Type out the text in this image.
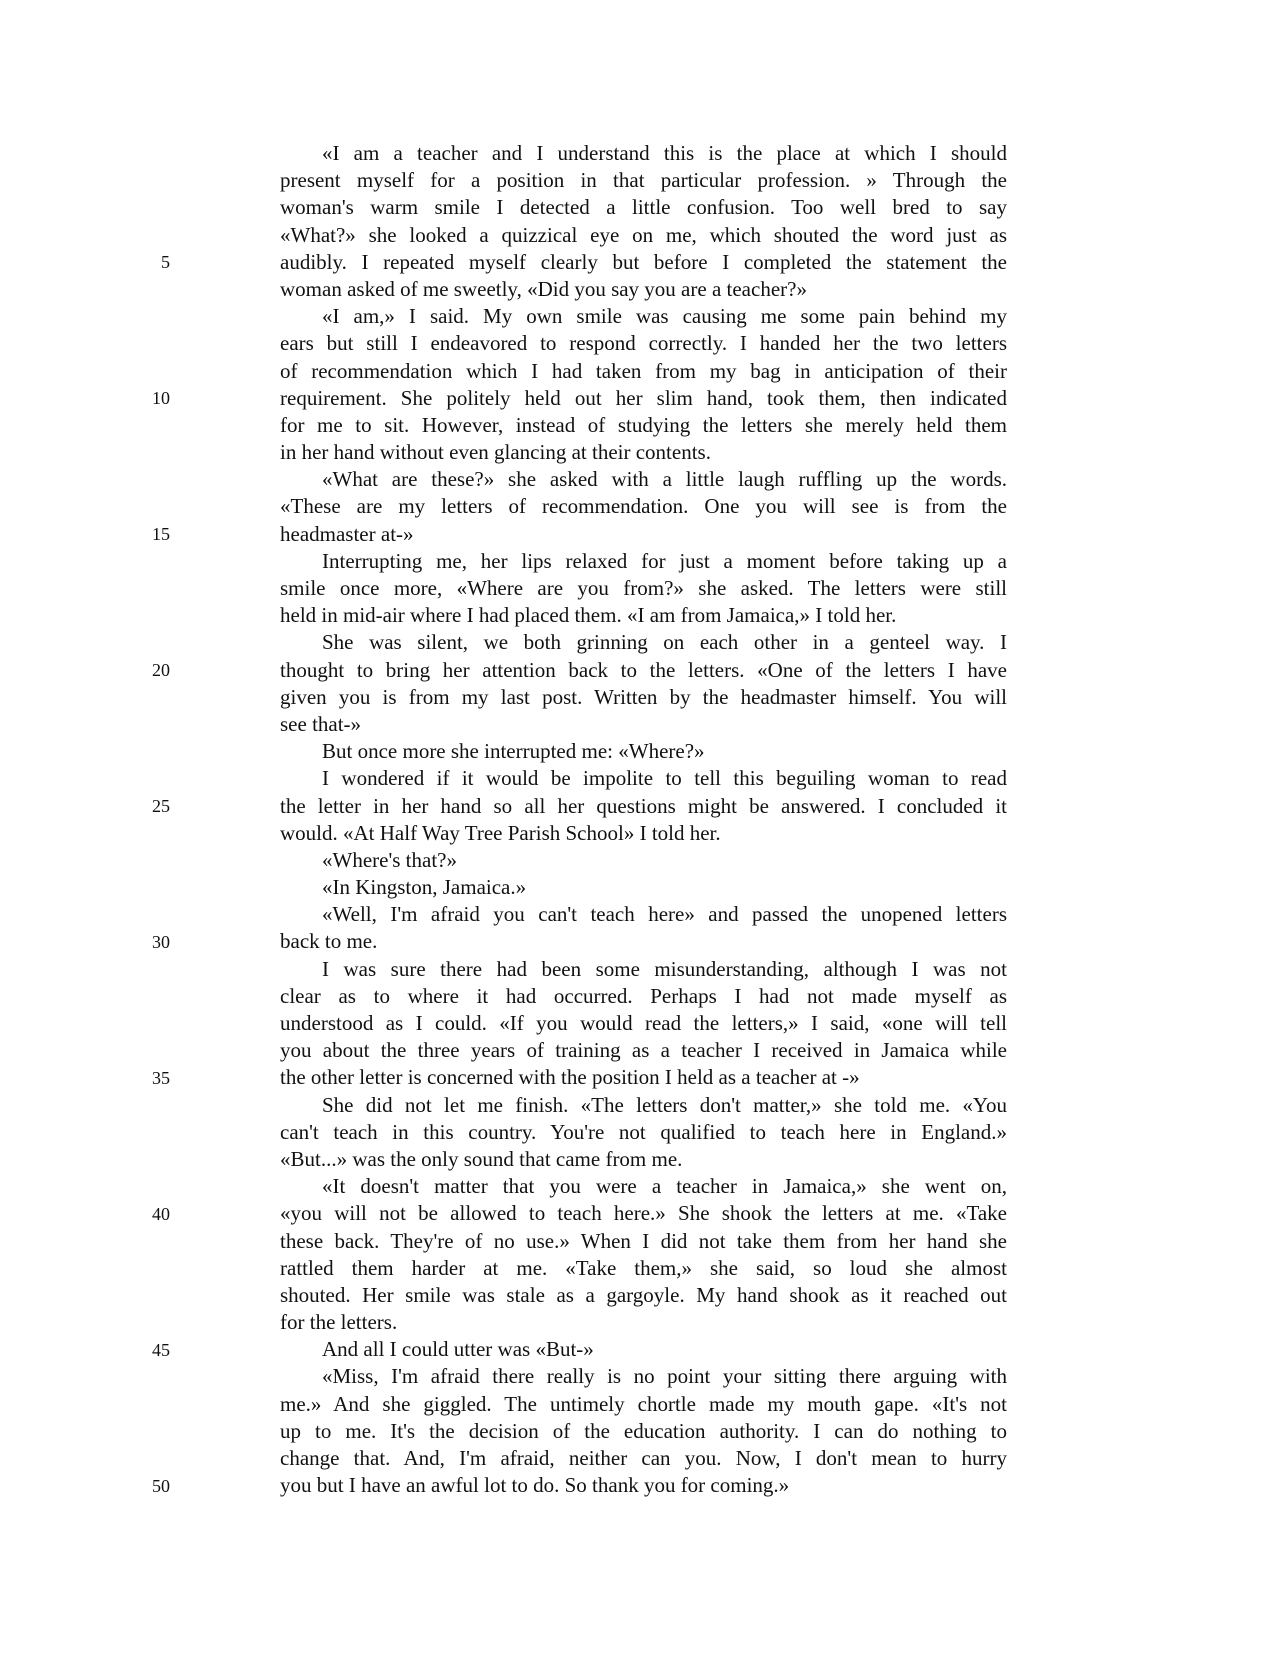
5
10
15
20
25
30
35
40
45
50
«I am a teacher and I understand this is the place at which I should
present myself for a position in that particular profession. » Through the
woman's warm smile I detected a little confusion. Too well bred to say
«What?» she looked a quizzical eye on me, which shouted the word just as
audibly. I repeated myself clearly but before I completed the statement the
woman asked of me sweetly, «Did you say you are a teacher?»
«I am,» I said. My own smile was causing me some pain behind my
ears but still I endeavored to respond correctly. I handed her the two letters
of recommendation which I had taken from my bag in anticipation of their
requirement. She politely held out her slim hand, took them, then indicated
for me to sit. However, instead of studying the letters she merely held them
in her hand without even glancing at their contents.
«What are these?» she asked with a little laugh ruffling up the words.
«These are my letters of recommendation. One you will see is from the
headmaster at-»
Interrupting me, her lips relaxed for just a moment before taking up a
smile once more, «Where are you from?» she asked. The letters were still
held in mid-air where I had placed them. «I am from Jamaica,» I told her.
She was silent, we both grinning on each other in a genteel way. I
thought to bring her attention back to the letters. «One of the letters I have
given you is from my last post. Written by the headmaster himself. You will
see that-»
But once more she interrupted me: «Where?»
I wondered if it would be impolite to tell this beguiling woman to read
the letter in her hand so all her questions might be answered. I concluded it
would. «At Half Way Tree Parish School» I told her.
«Where's that?»
«In Kingston, Jamaica.»
«Well, I'm afraid you can't teach here» and passed the unopened letters
back to me.
I was sure there had been some misunderstanding, although I was not
clear as to where it had occurred. Perhaps I had not made myself as
understood as I could. «If you would read the letters,» I said, «one will tell
you about the three years of training as a teacher I received in Jamaica while
the other letter is concerned with the position I held as a teacher at -»
She did not let me finish. «The letters don't matter,» she told me. «You
can't teach in this country. You're not qualified to teach here in England.»
«But...» was the only sound that came from me.
«It doesn't matter that you were a teacher in Jamaica,» she went on,
«you will not be allowed to teach here.» She shook the letters at me. «Take
these back. They're of no use.» When I did not take them from her hand she
rattled them harder at me. «Take them,» she said, so loud she almost
shouted. Her smile was stale as a gargoyle. My hand shook as it reached out
for the letters.
And all I could utter was «But-»
«Miss, I'm afraid there really is no point your sitting there arguing with
me.» And she giggled. The untimely chortle made my mouth gape. «It's not
up to me. It's the decision of the education authority. I can do nothing to
change that. And, I'm afraid, neither can you. Now, I don't mean to hurry
you but I have an awful lot to do. So thank you for coming.»
